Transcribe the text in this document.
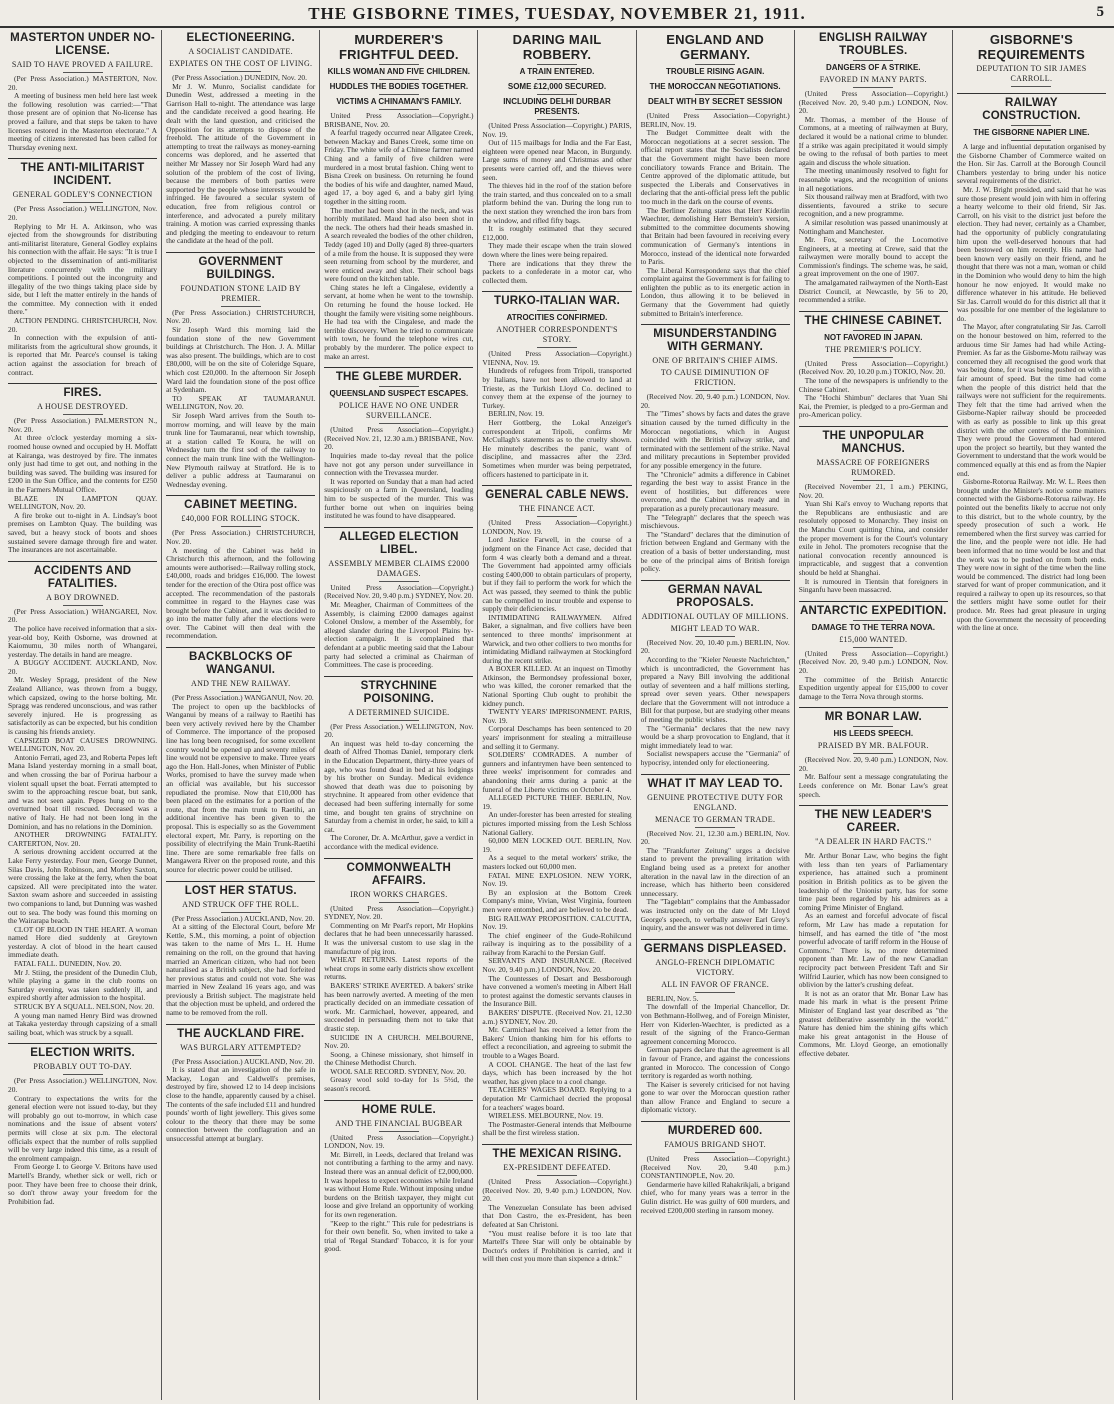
THE GISBORNE TIMES, TUESDAY, NOVEMBER 21, 1911.	5
MASTERTON UNDER NO-LICENSE.
SAID TO HAVE PROVED A FAILURE.

(Per Press Association.) MASTERTON, Nov. 20.

A meeting of business men held here last week the following resolution was carried:—"That those present are of opinion that No-license has proved a failure, and that steps be taken to have licenses restored in the Masterton electorate." A meeting of citizens interested has been called for Thursday evening next.

THE ANTI-MILITARIST INCIDENT.
GENERAL GODLEY'S CONNECTION

(Per Press Association.) WELLINGTON, Nov. 20.

Replying to Mr H. A. Atkinson, who was ejected from the showgrounds for distributing anti-militarist literature, General Godley explains his connection with the affair. He says: "It is true I objected to the dissemination of anti-militarist literature concurrently with the military competitions. I pointed out the incongruity and illegality of the two things taking place side by side, but I left the matter entirely in the hands of the committee. My connection with it ended there."

ACTION PENDING. CHRISTCHURCH, Nov. 20.

In connection with the expulsion of anti-militarists from the agricultural show grounds, it is reported that Mr. Pearce's counsel is taking action against the association for breach of contract.

FIRES.
A HOUSE DESTROYED.

(Per Press Association.) PALMERSTON N., Nov. 20.

At three o'clock yesterday morning a six-roomed house owned and occupied by H. Moffatt at Kairanga, was destroyed by fire. The inmates only just had time to get out, and nothing in the building was saved. The building was insured for £200 in the Sun Office, and the contents for £250 in the Farmers Mutual Office.

BLAZE IN LAMPTON QUAY. WELLINGTON, Nov. 20.

A fire broke out to-night in A. Lindsay's boot premises on Lambton Quay. The building was saved, but a heavy stock of boots and shoes sustained severe damage through fire and water. The insurances are not ascertainable.

ACCIDENTS AND FATALITIES.
A BOY DROWNED.

(Per Press Association.) WHANGAREI, Nov. 20.

The police have received information that a six-year-old boy, Keith Osborne, was drowned at Kaiomumu, 30 miles north of Whangarei, yesterday. The details in hand are meagre.

A BUGGY ACCIDENT. AUCKLAND, Nov. 20.

Mr. Wesley Spragg, president of the New Zealand Alliance, was thrown from a buggy, which capsized, owing to the horse bolting. Mr. Spragg was rendered unconscious, and was rather severely injured. He is progressing as satisfactorily as can be expected, but his condition is causing his friends anxiety.

CAPSIZED BOAT CAUSES DROWNING. WELLINGTON, Nov. 20.

Antonio Ferrati, aged 23, and Roberta Pepes left Mana Island yesterday morning in a small boat, and when crossing the bar of Porirua harbour a violent squall upset the boat. Ferrati attempted to swim to the approaching rescue boat, but sank, and was not seen again. Pepes hung on to the overturned boat till rescued. Deceased was a native of Italy. He had not been long in the Dominion, and has no relations in the Dominion.

ANOTHER DROWNING FATALITY. CARTERTON, Nov. 20.

A serious drowning accident occurred at the Lake Ferry yesterday. Four men, George Dunnet, Silas Davis, John Robinson, and Morley Saxton, were crossing the lake at the ferry, when the boat capsized. All were precipitated into the water. Saxton swam ashore and succeeded in assisting two companions to land, but Dunning was washed out to sea. The body was found this morning on the Wairarapa beach.

CLOT OF BLOOD IN THE HEART. A woman named Hore died suddenly at Greytown yesterday. A clot of blood in the heart caused immediate death.

FATAL FALL. DUNEDIN, Nov. 20.

Mr J. Stiing, the president of the Dunedin Club, while playing a game in the club rooms on Saturday evening, was taken suddenly ill, and expired shortly after admission to the hospital.

STRUCK BY A SQUALL. NELSON, Nov. 20.

A young man named Henry Bird was drowned at Takaka yesterday through capsizing of a small sailing boat, which was struck by a squall.

ELECTION WRITS.
PROBABLY OUT TO-DAY.

(Per Press Association.) WELLINGTON, Nov. 20.

Contrary to expectations the writs for the general election were not issued to-day, but they will probably go out to-morrow, in which case nominations and the issue of absent voters' permits will close at six p.m. The electoral officials expect that the number of rolls supplied will be very large indeed this time, as a result of the enrolment campaign.

From George I. to George V. Britons have used Martell's Brandy, whether sick or well, rich or poor. They have been free to choose their drink, so don't throw away your freedom for the Prohibition fad.

ELECTIONEERING.
A SOCIALIST CANDIDATE.
EXPIATES ON THE COST OF LIVING.

(Per Press Association.) DUNEDIN, Nov. 20.

Mr J. W. Munro, Socialist candidate for Dunedin West, addressed a meeting in the Garrison Hall to-night. The attendance was large and the candidate received a good hearing. He dealt with the land question, and criticised the Opposition for its attempts to dispose of the freehold. The attitude of the Government in attempting to treat the railways as money-earning concerns was deplored, and he asserted that neither Mr Massey nor Sir Joseph Ward had any solution of the problem of the cost of living, because the members of both parties were supported by the people whose interests would be infringed. He favoured a secular system of education, free from religious control or interference, and advocated a purely military training. A motion was carried expressing thanks and pledging the meeting to endeavour to return the candidate at the head of the poll.

GOVERNMENT BUILDINGS.
FOUNDATION STONE LAID BY PREMIER.

(Per Press Association.) CHRISTCHURCH, Nov. 20.

Sir Joseph Ward this morning laid the foundation stone of the new Government buildings at Christchurch. The Hon. J. A. Millar was also present. The buildings, which are to cost £80,000, will be on the site of Coleridge Square, which cost £20,000. In the afternoon Sir Joseph Ward laid the foundation stone of the post office at Sydenham.

TO SPEAK AT TAUMARANUI. WELLINGTON, Nov. 20.

Sir Joseph Ward arrives from the South to-morrow morning, and will leave by the main trunk line for Taumaranui, near which township, at a station called Te Koura, he will on Wednesday turn the first sod of the railway to connect the main trunk line with the Wellington-New Plymouth railway at Stratford. He is to deliver a public address at Taumaranui on Wednesday evening.

CABINET MEETING.
£40,000 FOR ROLLING STOCK.

(Per Press Association.) CHRISTCHURCH, Nov. 20.

A meeting of the Cabinet was held in Christchurch this afternoon, and the following amounts were authorised:—Railway rolling stock, £40,000, roads and bridges £16,000. The lowest tender for the erection of the Otira post office was accepted. The recommendation of the pastorals committee in regard to the Haynes case was brought before the Cabinet, and it was decided to go into the matter fully after the elections were over. The Cabinet will then deal with the recommendation.

BACKBLOCKS OF WANGANUI.
AND THE NEW RAILWAY.

(Per Press Association.) WANGANUI, Nov. 20.

The project to open up the backblocks of Wanganui by means of a railway to Raetihi has been very actively revived here by the Chamber of Commerce. The importance of the proposed line has long been recognised, for some excellent country would be opened up and seventy miles of line would not be expensive to make. Three years ago the Hon. Hall-Jones, when Minister of Public Works, promised to have the survey made when an official was available, but his successor repudiated the promise. Now that £10,000 has been placed on the estimates for a portion of the route, that from the main trunk to Raetihi, an additional incentive has been given to the proposal. This is especially so as the Government electoral expert, Mr. Parry, is reporting on the possibility of electrifying the Main Trunk-Raetihi line. There are some remarkable free falls on Mangawera River on the proposed route, and this source for electric power could be utilised.

LOST HER STATUS.
AND STRUCK OFF THE ROLL.

(Per Press Association.) AUCKLAND, Nov. 20.

At a sitting of the Electoral Court, before Mr Kettle, S.M., this morning, a point of objection was taken to the name of Mrs L. H. Hume remaining on the roll, on the ground that having married an American citizen, who had not been naturalised as a British subject, she had forfeited her previous status and could not vote. She was married in New Zealand 16 years ago, and was previously a British subject. The magistrate held that the objection must be upheld, and ordered the name to be removed from the roll.

THE AUCKLAND FIRE.
WAS BURGLARY ATTEMPTED?

(Per Press Association.) AUCKLAND, Nov. 20.

It is stated that an investigation of the safe in Mackay, Logan and Caldwell's premises, destroyed by fire, showed 12 to 14 deep incisions close to the handle, apparently caused by a chisel. The contents of the safe included £11 and hundred pounds' worth of light jewellery. This gives some colour to the theory that there may be some connection between the conflagration and an unsuccessful attempt at burglary.

MURDERER'S FRIGHTFUL DEED.
KILLS WOMAN AND FIVE CHILDREN.
HUDDLES THE BODIES TOGETHER.
VICTIMS A CHINAMAN'S FAMILY.

United Press Association—Copyright.) BRISBANE, Nov. 20.

A fearful tragedy occurred near Allgatee Creek, between Mackay and Banes Creek, some time on Friday. The white wife of a Chinese farmer named Ching and a family of five children were murdered in a most brutal fashion. Ching went to Bisna Creek on business. On returning he found the bodies of his wife and daughter, named Maud, aged 17, a boy aged 6, and a baby girl lying together in the sitting room.

The mother had been shot in the neck, and was horribly mutilated. Maud had also been shot in the neck. The others had their heads smashed in. A search revealed the bodies of the other children, Teddy (aged 10) and Dolly (aged 8) three-quarters of a mile from the house. It is supposed they were seen returning from school by the murderer, and were enticed away and shot. Their school bags were found on the kitchen table.

Ching states he left a Cingalese, evidently a servant, at home when he went to the township. On returning he found the house locked. He thought the family were visiting some neighbours. He had tea with the Cingalese, and made the terrible discovery. When he tried to communicate with town, he found the telephone wires cut, probably by the murderer. The police expect to make an arrest.

THE GLEBE MURDER.
QUEENSLAND SUSPECT ESCAPES.
POLICE HAVE NO ONE UNDER SURVEILLANCE.

(United Press Association—Copyright.) (Received Nov. 21, 12.30 a.m.) BRISBANE, Nov. 20.

Inquiries made to-day reveal that the police have not got any person under surveillance in connection with the Trevassea murder.

It was reported on Sunday that a man had acted suspiciously on a farm in Queensland, leading him to be suspected of the murder. This was further borne out when on inquiries being instituted he was found to have disappeared.

ALLEGED ELECTION LIBEL.
ASSEMBLY MEMBER CLAIMS £2000 DAMAGES.

United Press Association—Copyright.) (Received Nov. 20, 9.40 p.m.) SYDNEY, Nov. 20.

Mr. Meagher, Chairman of Committees of the Assembly, is claiming £2000 damages against Colonel Onslow, a member of the Assembly, for alleged slander during the Liverpool Plains by-election campaign. It is complained that defendant at a public meeting said that the Labour party had selected a criminal as Chairman of Committees. The case is proceeding.

STRYCHNINE POISONING.
A DETERMINED SUICIDE.

(Per Press Association.) WELLINGTON, Nov. 20.

An inquest was held to-day concerning the death of Alfred Thomas Daniel, temporary clerk in the Education Department, thirty-three years of age, who was found dead in bed at his lodgings by his brother on Sunday. Medical evidence showed that death was due to poisoning by strychnine. It appeared from other evidence that deceased had been suffering internally for some time, and bought ten grains of strychnine on Saturday from a chemist in order, he said, to kill a cat.

The Coroner, Dr. A. McArthur, gave a verdict in accordance with the medical evidence.

COMMONWEALTH AFFAIRS.
IRON WORKS CHARGES.

(United Press Association—Copyright.) SYDNEY, Nov. 20.

Commenting on Mr Pearl's report, Mr Hopkins declares that he had been unnecessarily harassed. It was the universal custom to use slag in the manufacture of pig iron.

WHEAT RETURNS. Latest reports of the wheat crops in some early districts show excellent returns.

BAKERS' STRIKE AVERTED. A bakers' strike has been narrowly averted. A meeting of the men practically decided on an immediate cessation of work. Mr. Carmichael, however, appeared, and succeeded in persuading them not to take that drastic step.

SUICIDE IN A CHURCH. MELBOURNE, Nov. 20.

Soong, a Chinese missionary, shot himself in the Chinese Methodist Church.

WOOL SALE RECORD. SYDNEY, Nov. 20.

Greasy wool sold to-day for 1s 5½d, the season's record.

HOME RULE.
AND THE FINANCIAL BUGBEAR

(United Press Association—Copyright.) LONDON, Nov. 19.

Mr. Birrell, in Leeds, declared that Ireland was not contributing a farthing to the army and navy. Instead there was an annual deficit of £2,000,000. It was hopeless to expect economies while Ireland was without Home Rule. Without imposing undue burdens on the British taxpayer, they might cut loose and give Ireland an opportunity of working for its own regeneration.

"Keep to the right." This rule for pedestrians is for their own benefit. So, when invited to take a trial of 'Regal Standard' Tobacco, it is for your good.

DARING MAIL ROBBERY.
A TRAIN ENTERED.
SOME £12,000 SECURED.
INCLUDING DELHI DURBAR PRESENTS.

(United Press Association—Copyright.) PARIS, Nov. 19.

Out of 115 mailbags for India and the Far East, eighteen were opened near Macon, in Burgundy. Large sums of money and Christmas and other presents were carried off, and the thieves were seen.

The thieves hid in the roof of the station before the train started, and thus concealed on to a small platform behind the van. During the long run to the next station they wrenched the iron bars from the window, and rifled fifty bags.

It is roughly estimated that they secured £12,000.

They made their escape when the train slowed down where the lines were being repaired.

There are indications that they threw the packets to a confederate in a motor car, who collected them.

TURKO-ITALIAN WAR.
ATROCITIES CONFIRMED.
ANOTHER CORRESPONDENT'S STORY.

(United Press Association—Copyright.) VIENNA, Nov. 19.

Hundreds of refugees from Tripoli, transported by Italians, have not been allowed to land at Trieste, as the Turkish Lloyd Co. declined to convey them at the expense of the journey to Turkey.

BERLIN, Nov. 19.

Herr Gottberg, the Lokal Anzeiger's correspondent at Tripoli, confirms Mr McCullagh's statements as to the cruelty shown. He minutely describes the panic, want of discipline, and massacres after the 23rd. Sometimes when murder was being perpetrated, officers hastened to participate in it.

GENERAL CABLE NEWS.
THE FINANCE ACT.

(United Press Association—Copyright.) LONDON, Nov. 19.

Lord Justice Farwell, in the course of a judgment on the Finance Act case, decided that form 4 was clearly both a demand and a threat. The Government had appointed army officials costing £400,000 to obtain particulars of property, but if they fail to perform the work for which the Act was passed, they seemed to think the public can be compelled to incur trouble and expense to supply their deficiencies.

INTIMIDATING RAILWAYMEN. Alfred Baker, a signalman, and five colliers have been sentenced to three months' imprisonment at Warwick, and two other colliers to two months for intimidating Midland railwaymen at Stockingford during the recent strike.

A BOXER KILLED. At an inquest on Timothy Atkinson, the Bermondsey professional boxer, who was killed, the coroner remarked that the National Sporting Club ought to prohibit the kidney punch.

TWENTY YEARS' IMPRISONMENT. PARIS, Nov. 19.

Corporal Deschamps has been sentenced to 20 years' imprisonment for stealing a mitrailleuse and selling it to Germany.

SOLDIERS' COMRADES. A number of gunners and infantrymen have been sentenced to three weeks' imprisonment for comrades and abandoning their arms during a panic at the funeral of the Liberte victims on October 4.

ALLEGED PICTURE THIEF. BERLIN, Nov. 19.

An under-forester has been arrested for stealing pictures imported missing from the Lesh Schloss National Gallery.

60,000 MEN LOCKED OUT. BERLIN, Nov. 19.

As a sequel to the metal workers' strike, the masters locked out 60,000 men.

FATAL MINE EXPLOSION. NEW YORK, Nov. 19.

By an explosion at the Bottom Creek Company's mine, Vivian, West Virginia, fourteen men were entombed, and are believed to be dead.

BIG RAILWAY PROPOSITION. CALCUTTA, Nov. 19.

The chief engineer of the Gude-Rohilcund railway is inquiring as to the possibility of a railway from Karachi to the Persian Gulf.

SERVANTS AND INSURANCE. (Received Nov. 20, 9.40 p.m.) LONDON, Nov. 20.

The Countesses of Desart and Bessborough have convened a women's meeting in Albert Hall to protest against the domestic servants clauses in the Insurance Bill.

BAKERS' DISPUTE. (Received Nov. 21, 12.30 a.m.) SYDNEY, Nov. 20.

Mr. Carmichael has received a letter from the Bakers' Union thanking him for his efforts to effect a reconciliation, and agreeing to submit the trouble to a Wages Board.

A COOL CHANGE. The heat of the last few days, which has been increased by the hot weather, has given place to a cool change.

TEACHERS' WAGES BOARD. Replying to a deputation Mr Carmichael decried the proposal for a teachers' wages board.

WIRELESS. MELBOURNE, Nov. 19.

The Postmaster-General intends that Melbourne shall be the first wireless station.

THE MEXICAN RISING.
EX-PRESIDENT DEFEATED.

(United Press Association—Copyright.) (Received Nov. 20, 9.40 p.m.) LONDON, Nov. 20.

The Venezuelan Consulate has been advised that Don Castro, the ex-President, has been defeated at San Christoni.

"You must realise before it is too late that Martell's Three Star will only be obtainable by Doctor's orders if Prohibition is carried, and it will then cost you more than sixpence a drink."

ENGLAND AND GERMANY.
TROUBLE RISING AGAIN.
THE MOROCCAN NEGOTIATIONS.
DEALT WITH BY SECRET SESSION

(United Press Association—Copyright.) BERLIN, Nov. 19.

The Budget Committee dealt with the Moroccan negotiations at a secret session. The official report states that the Socialists declared that the Government might have been more conciliatory towards France and Britain. The Centre approved of the diplomatic attitude, but suspected the Liberals and Conservatives in declaring that the anti-official press left the public too much in the dark on the course of events.

The Berliner Zeitung states that Herr Kiderlin Waechter, demolishing Herr Bernstein's version, submitted to the committee documents showing that Britain had been favoured in receiving every communication of Germany's intentions in Morocco, instead of the identical note forwarded to Paris.

The Liberal Korrespondenz says that the chief complaint against the Government is for failing to enlighten the public as to its energetic action in London, thus allowing it to be believed in Germany that the Government had quietly submitted to Britain's interference.

MISUNDERSTANDING WITH GERMANY.
ONE OF BRITAIN'S CHIEF AIMS.
TO CAUSE DIMINUTION OF FRICTION.

(Received Nov. 20, 9.40 p.m.) LONDON, Nov. 20.

The "Times" shows by facts and dates the grave situation caused by the turned difficulty in the Moroccan negotiations, which in August coincided with the British railway strike, and terminated with the settlement of the strike. Naval and military precautions in September provided for any possible emergency in the future.

The "Chronicle" admits a difference in Cabinet regarding the best way to assist France in the event of hostilities, but differences were overcome, and the Cabinet was ready and in preparation as a purely precautionary measure.

The "Telegraph" declares that the speech was mischievous.

The "Standard" declares that the diminution of friction between England and Germany with the creation of a basis of better understanding, must be one of the principal aims of British foreign policy.

GERMAN NAVAL PROPOSALS.
ADDITIONAL OUTLAY OF MILLIONS.
MIGHT LEAD TO WAR.

(Received Nov. 20, 10.40 p.m.) BERLIN, Nov. 20.

According to the "Kieler Neueste Nachrichten," which is uncontradicted, the Government has prepared a Navy Bill involving the additional outlay of seventeen and a half millions sterling, spread over seven years. Other newspapers declare that the Government will not introduce a Bill for that purpose, but are studying other means of meeting the public wishes.

The "Germania" declares that the new navy would be a sharp provocation to England, that it might immediately lead to war.

Socialist newspapers accuse the "Germania" of hypocrisy, intended only for electioneering.

WHAT IT MAY LEAD TO.
GENUINE PROTECTIVE DUTY FOR ENGLAND.
MENACE TO GERMAN TRADE.

(Received Nov. 21, 12.30 a.m.) BERLIN, Nov. 20.

The "Frankfurter Zeitung" urges a decisive stand to prevent the prevailing irritation with England being used as a pretext for another alteration in the naval law in the direction of an increase, which has hitherto been considered unnecessary.

The "Tageblatt" complains that the Ambassador was instructed only on the date of Mr Lloyd George's speech, to verbally answer Earl Grey's inquiry, and the answer was not delivered in time.

GERMANS DISPLEASED.
ANGLO-FRENCH DIPLOMATIC VICTORY.
ALL IN FAVOR OF FRANCE.

BERLIN, Nov. 5.

The downfall of the Imperial Chancellor, Dr. von Bethmann-Hollweg, and of Foreign Minister, Herr von Kiderlen-Waechter, is predicted as a result of the signing of the Franco-German agreement concerning Morocco.

German papers declare that the agreement is all in favour of France, and against the concessions granted in Morocco. The concession of Congo territory is regarded as worth nothing.

The Kaiser is severely criticised for not having gone to war over the Moroccan question rather than allow France and England to secure a diplomatic victory.

MURDERED 600.
FAMOUS BRIGAND SHOT.

(United Press Association—Copyright.) (Received Nov. 20, 9.40 p.m.) CONSTANTINOPLE, Nov. 20.

Gendarmerie have killed Rahakrikjali, a brigand chief, who for many years was a terror in the Gulin district. He was guilty of 600 murders, and received £200,000 sterling in ransom money.

ENGLISH RAILWAY TROUBLES.
DANGERS OF A STRIKE.
FAVORED IN MANY PARTS.

(United Press Association—Copyright.) (Received Nov. 20, 9.40 p.m.) LONDON, Nov. 20.

Mr. Thomas, a member of the House of Commons, at a meeting of railwaymen at Bury, declared it would be a national crime to blunder. If a strike was again precipitated it would simply be owing to the refusal of both parties to meet again and discuss the whole situation.

The meeting unanimously resolved to fight for reasonable wages, and the recognition of unions in all negotiations.

Six thousand railway men at Bradford, with two dissentients, favoured a strike to secure recognition, and a new programme.

A similar resolution was passed unanimously at Nottingham and Manchester.

Mr. Fox, secretary of the Locomotive Engineers, at a meeting at Crewe, said that the railwaymen were morally bound to accept the Commission's findings. The scheme was, he said, a great improvement on the one of 1907.

The amalgamated railwaymen of the North-East District Council, at Newcastle, by 56 to 20, recommended a strike.

THE CHINESE CABINET.
NOT FAVORED IN JAPAN.
THE PREMIER'S POLICY.

(United Press Association—Copyright.) (Received Nov. 20, 10.20 p.m.) TOKIO, Nov. 20.

The tone of the newspapers is unfriendly to the Chinese Cabinet.

The "Hochi Shimbun" declares that Yuan Shi Kai, the Premier, is pledged to a pro-German and pro-American policy.

THE UNPOPULAR MANCHUS.
MASSACRE OF FOREIGNERS RUMORED.

(Received November 21, 1 a.m.) PEKING, Nov. 20.

Yuan Shi Kai's envoy to Wuchang reports that the Republicans are enthusiastic and are resolutely opposed to Monarchy. They insist on the Manchu Court quitting China, and consider the proper movement is for the Court's voluntary exile in Jehol. The promoters recognise that the national convocation recently announced is impracticable, and suggest that a convention should be held at Shanghai.

It is rumoured in Tientsin that foreigners in Singanfu have been massacred.

ANTARCTIC EXPEDITION.
DAMAGE TO THE TERRA NOVA.
£15,000 WANTED.

(United Press Association—Copyright.) (Received Nov. 20, 9.40 p.m.) LONDON, Nov. 20.

The committee of the British Antarctic Expedition urgently appeal for £15,000 to cover damage to the Terra Nova through storms.

MR BONAR LAW.
HIS LEEDS SPEECH.
PRAISED BY MR. BALFOUR.

(Received Nov. 20, 9.40 p.m.) LONDON, Nov. 20.

Mr. Balfour sent a message congratulating the Leeds conference on Mr. Bonar Law's great speech.

THE NEW LEADER'S CAREER.
"A DEALER IN HARD FACTS."

Mr. Arthur Bonar Law, who begins the fight with less than ten years of Parliamentary experience, has attained such a prominent position in British politics as to be given the leadership of the Unionist party, has for some time past been regarded by his admirers as a coming Prime Minister of England.

As an earnest and forceful advocate of fiscal reform, Mr Law has made a reputation for himself, and has earned the title of "the most powerful advocate of tariff reform in the House of Commons." There is, no more determined opponent than Mr. Law of the new Canadian reciprocity pact between President Taft and Sir Wilfrid Laurier, which has now been consigned to oblivion by the latter's crushing defeat.

It is not as an orator that Mr. Bonar Law has made his mark in what is the present Prime Minister of England last year described as "the greatest deliberative assembly in the world." Nature has denied him the shining gifts which make his great antagonist in the House of Commons, Mr. Lloyd George, an emotionally effective debater.

GISBORNE'S REQUIREMENTS
DEPUTATION TO SIR JAMES CARROLL.
RAILWAY CONSTRUCTION.
THE GISBORNE NAPIER LINE.

A large and influential deputation organised by the Gisborne Chamber of Commerce waited on the Hon. Sir Jas. Carroll at the Borough Council Chambers yesterday to bring under his notice several requirements of the district.

Mr. J. W. Bright presided, and said that he was sure those present would join with him in offering a hearty welcome to their old friend, Sir Jas. Carroll, on his visit to the district just before the election. They had never, certainly as a Chamber, had the opportunity of publicly congratulating him upon the well-deserved honours that had been bestowed on him recently. His name had been known very easily on their friend, and he thought that there was not a man, woman or child in the Dominion who would deny to him the high honour he now enjoyed. It would make no difference whatever in his attitude. He believed Sir Jas. Carroll would do for this district all that it was possible for one member of the legislature to do.

The Mayor, after congratulating Sir Jas. Carroll on the honour bestowed on him, referred to the arduous time Sir James had had while Acting-Premier. As far as the Gisborne-Motu railway was concerned they all recognised the good work that was being done, for it was being pushed on with a fair amount of speed. But the time had come when the people of this district held that the railways were not sufficient for the requirements. They felt that the time had arrived when the Gisborne-Napier railway should be proceeded with as early as possible to link up this great district with the other centres of the Dominion. They were proud the Government had entered upon the project so heartily, but they wanted the Government to understand that the work would be commenced equally at this end as from the Napier end.

Gisborne-Rotorua Railway. Mr. W. L. Rees then brought under the Minister's notice some matters connected with the Gisborne-Rotorua railway. He pointed out the benefits likely to accrue not only to this district, but to the whole country, by the speedy prosecution of such a work. He remembered when the first survey was carried for the line, and the people were not idle. He had been informed that no time would be lost and that the work was to be pushed on from both ends. They were now in sight of the time when the line would be commenced. The district had long been starved for want of proper communication, and it required a railway to open up its resources, so that the settlers might have some outlet for their produce. Mr. Rees had great pleasure in urging upon the Government the necessity of proceeding with the line at once.
